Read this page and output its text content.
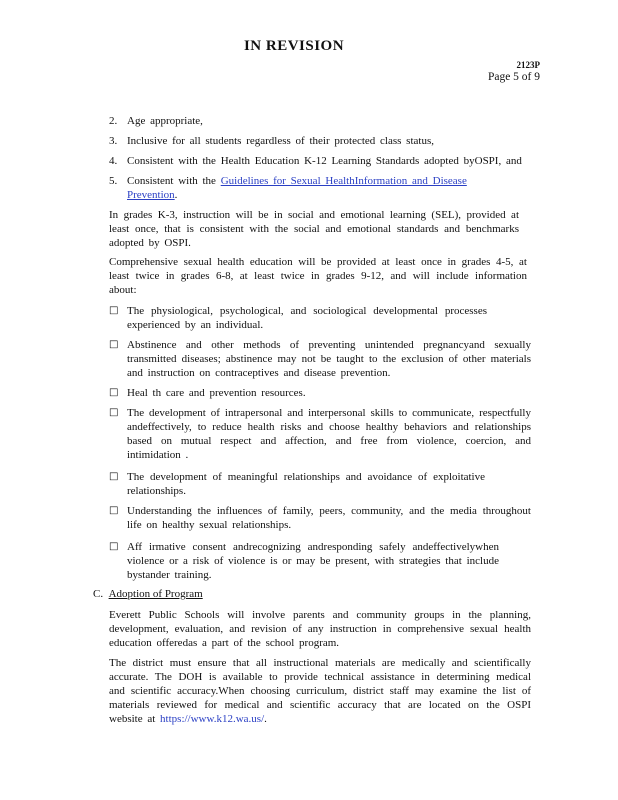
IN REVISION
2123P
Page 5 of 9
2. Age appropriate,
3. Inclusive for all students regardless of their protected class status,
4. Consistent with the Health Education K-12 Learning Standards adopted byOSPI, and
5. Consistent with the Guidelines for Sexual HealthInformation and Disease Prevention.
In grades K-3, instruction will be in social and emotional learning (SEL), provided at least once, that is consistent with the social and emotional standards and benchmarks adopted by OSPI.
Comprehensive sexual health education will be provided at least once in grades 4-5, at least twice in grades 6-8, at least twice in grades 9-12, and will include information about:
□ The physiological, psychological, and sociological developmental processes experienced by an individual.
□ Abstinence and other methods of preventing unintended pregnancyand sexually transmitted diseases; abstinence may not be taught to the exclusion of other materials and instruction on contraceptives and disease prevention.
□ Heal th care and prevention resources.
□ The development of intrapersonal and interpersonal skills to communicate, respectfully andeffectively, to reduce health risks and choose healthy behaviors and relationships based on mutual respect and affection, and free from violence, coercion, and intimidation .
□ The development of meaningful relationships and avoidance of exploitative relationships.
□ Understanding the influences of family, peers, community, and the media throughout life on healthy sexual relationships.
□ Aff irmative consent andrecognizing andresponding safely andeffectivelywhen violence or a risk of violence is or may be present, with strategies that include bystander training.
C. Adoption of Program
Everett Public Schools will involve parents and community groups in the planning, development, evaluation, and revision of any instruction in comprehensive sexual health education offeredas a part of the school program.
The district must ensure that all instructional materials are medically and scientifically accurate. The DOH is available to provide technical assistance in determining medical and scientific accuracy.When choosing curriculum, district staff may examine the list of materials reviewed for medical and scientific accuracy that are located on the OSPI website at https://www.k12.wa.us/.
